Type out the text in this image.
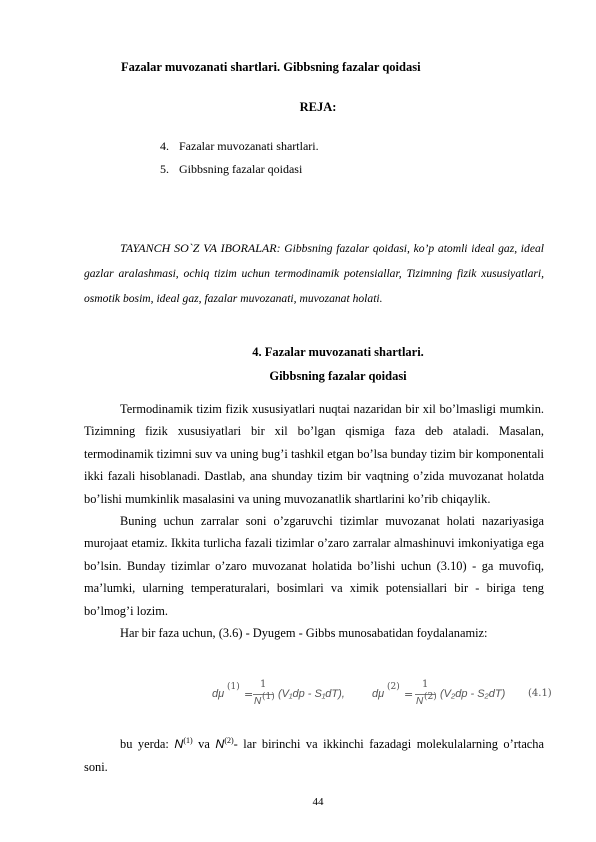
Fazalar muvozanati shartlari. Gibbsning fazalar qoidasi
REJA:
4. Fazalar muvozanati shartlari.
5. Gibbsning fazalar qoidasi

TAYANCH SO`Z VA IBORALAR: Gibbsning fazalar qoidasi, ko’p atomli ideal gaz, ideal gazlar aralashmasi, ochiq tizim uchun termodinamik potensiallar, Tizimning fizik xususiyatlari, osmotik bosim, ideal gaz, fazalar muvozanati, muvozanat holati.

4. Fazalar muvozanati shartlari.
Gibbsning fazalar qoidasi

Termodinamik tizim fizik xususiyatlari nuqtai nazaridan bir xil bo’lmasligi mumkin. Tizimning fizik xususiyatlari bir xil bo’lgan qismiga faza deb ataladi. Masalan, termodinamik tizimni suv va uning bug’i tashkil etgan bo’lsa bunday tizim bir komponentali ikki fazali hisoblanadi. Dastlab, ana shunday tizim bir vaqtning o’zida muvozanat holatda bo’lishi mumkinlik masalasini va uning muvozanatlik shartlarini ko’rib chiqaylik.

Buning uchun zarralar soni o’zgaruvchi tizimlar muvozanat holati nazariyasiga murojaat etamiz. Ikkita turlicha fazali tizimlar o’zaro zarralar almashinuvi imkoniyatiga ega bo’lsin. Bunday tizimlar o’zaro muvozanat holatida bo’lishi uchun (3.10) - ga muvofiq, ma’lumki, ularning temperaturalari, bosimlari va ximik potensiallari bir - biriga teng bo’lmog’i lozim.

Har bir faza uchun, (3.6) - Dyugem - Gibbs munosabatidan foydalanamiz:

dμ
(1)
=
1
N (1) (V₁dp - S₁dT), dμ
(2)
=
1
N (2) (V₂dp - S₂dT) (4.1)

bu yerda: $N^{(1)}$ va $N^{(2)}-$ lar birinchi va ikkinchi fazadagi molekulalarning o’rtacha soni.

44
